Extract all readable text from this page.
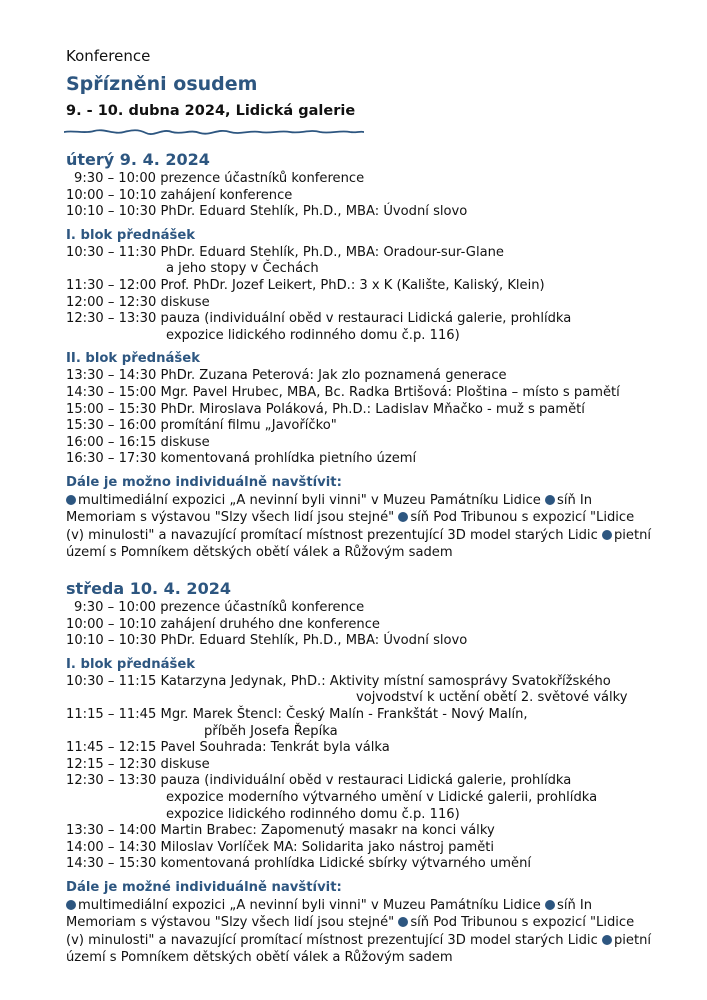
Konference
Spřízněni osudem
9. - 10. dubna 2024, Lidická galerie
úterý 9. 4. 2024
9:30 – 10:00 prezence účastníků konference
10:00 – 10:10 zahájení konference
10:10 – 10:30 PhDr. Eduard Stehlík, Ph.D., MBA: Úvodní slovo
I. blok přednášek
10:30 – 11:30 PhDr. Eduard Stehlík, Ph.D., MBA: Oradour-sur-Glane
a jeho stopy v Čechách
11:30 – 12:00 Prof. PhDr. Jozef Leikert, PhD.: 3 x K (Kalište, Kaliský, Klein)
12:00 – 12:30 diskuse
12:30 – 13:30 pauza (individuální oběd v restauraci Lidická galerie, prohlídka
expozice lidického rodinného domu č.p. 116)
II. blok přednášek
13:30 – 14:30 PhDr. Zuzana Peterová: Jak zlo poznamená generace
14:30 – 15:00 Mgr. Pavel Hrubec, MBA, Bc. Radka Brtišová: Ploština – místo s pamětí
15:00 – 15:30 PhDr. Miroslava Poláková, Ph.D.: Ladislav Mňačko - muž s pamětí
15:30 – 16:00 promítání filmu „Javoříčko"
16:00 – 16:15 diskuse
16:30 – 17:30 komentovaná prohlídka pietního území
Dále je možno individuálně navštívit:
multimediální expozici „A nevinní byli vinni" v Muzeu Památníku Lidice síň In Memoriam s výstavou "Slzy všech lidí jsou stejné" síň Pod Tribunou s expozicí "Lidice (v) minulosti" a navazující promítací místnost prezentující 3D model starých Lidic pietní území s Pomníkem dětských obětí válek a Růžovým sadem
středa 10. 4. 2024
9:30 – 10:00 prezence účastníků konference
10:00 – 10:10 zahájení druhého dne konference
10:10 – 10:30 PhDr. Eduard Stehlík, Ph.D., MBA: Úvodní slovo
I. blok přednášek
10:30 – 11:15 Katarzyna Jedynak, PhD.: Aktivity místní samosprávy Svatokřížského
vojvodství k uctění obětí 2. světové války
11:15 – 11:45 Mgr. Marek Štencl: Český Malín - Frankštát - Nový Malín,
příběh Josefa Řepíka
11:45 – 12:15 Pavel Souhrada: Tenkrát byla válka
12:15 – 12:30 diskuse
12:30 – 13:30 pauza (individuální oběd v restauraci Lidická galerie, prohlídka
expozice moderního výtvarného umění v Lidické galerii, prohlídka
expozice lidického rodinného domu č.p. 116)
13:30 – 14:00 Martin Brabec: Zapomenutý masakr na konci války
14:00 – 14:30 Miloslav Vorlíček MA: Solidarita jako nástroj paměti
14:30 – 15:30 komentovaná prohlídka Lidické sbírky výtvarného umění
Dále je možné individuálně navštívit:
multimediální expozici „A nevinní byli vinni" v Muzeu Památníku Lidice síň In Memoriam s výstavou "Slzy všech lidí jsou stejné" síň Pod Tribunou s expozicí "Lidice (v) minulosti" a navazující promítací místnost prezentující 3D model starých Lidic pietní území s Pomníkem dětských obětí válek a Růžovým sadem
